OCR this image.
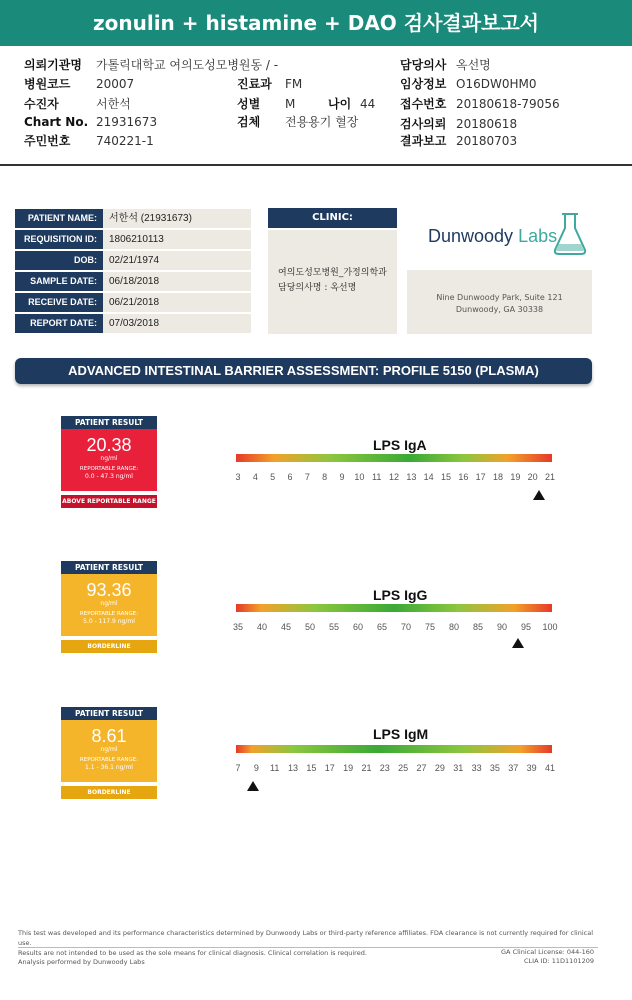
zonulin + histamine + DAO 검사결과보고서
의뢰기관명 가톨릭대학교 여의도성모병원동 / -
병원코드 20007
수진자	서한석
Chart No. 21931673
주민번호 740221-1
진료과 FM
성별 M	나이 44
검체 전용용기 혈장
담당의사 옥선명
임상정보 O16DW0HM0
접수번호 20180618-79056
검사의뢰 20180618
결과보고 20180703
PATIENT NAME:	서한석 (21931673)
REQUISITION ID:	1806210113
DOB:	02/21/1974
SAMPLE DATE:	06/18/2018
RECEIVE DATE:	06/21/2018
REPORT DATE:	07/03/2018
CLINIC:
여의도성모병원_가정의학과
담당의사명 : 옥선명
Dunwoody Labs
Nine Dunwoody Park, Suite 121
Dunwoody, GA 30338
ADVANCED INTESTINAL BARRIER ASSESSMENT: PROFILE 5150 (PLASMA)
PATIENT RESULT
20.38
ng/ml
REPORTABLE RANGE:
0.0 - 47.3 ng/ml
ABOVE REPORTABLE RANGE
PATIENT RESULT
93.36
ng/ml
REPORTABLE RANGE:
5.0 - 117.9 ng/ml
BORDERLINE
PATIENT RESULT
8.61
ng/ml
REPORTABLE RANGE:
1.1 - 36.1 ng/ml
BORDERLINE
LPS IgA
3 4 5 6 7 8 9 10 11 12 13 14 15 16 17 18 19 20 21
LPS IgG
35 40 45 50 55 60 65 70 75 80 85 90 95 100
LPS IgM
7 9 11 13 15 17 19 21 23 25 27 29 31 33 35 37 39 41
This test was developed and its performance characteristics determined by Dunwoody Labs or third-party reference affiliates. FDA clearance is not currently required for clinical use.
Results are not intended to be used as the sole means for clinical diagnosis. Clinical correlation is required.
Analysis performed by Dunwoody Labs
GA Clinical License: 044-160
CLIA ID: 11D1101209
